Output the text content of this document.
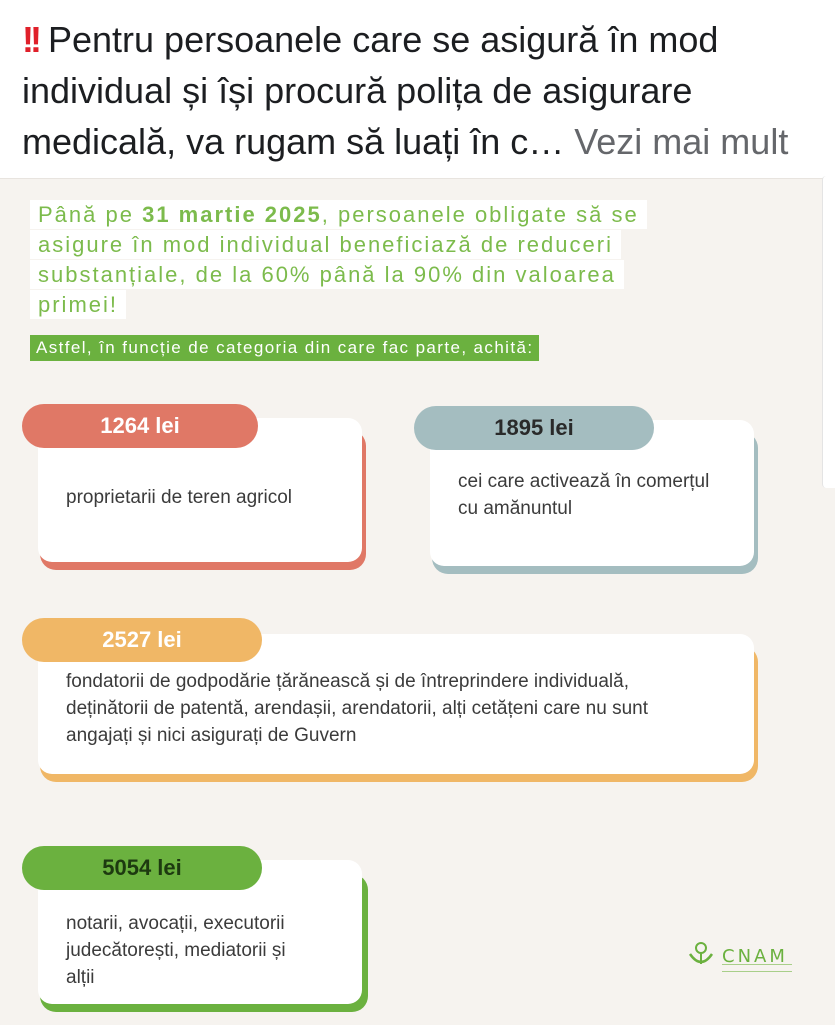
!! Pentru persoanele care se asigură în mod individual și își procură polița de asigurare medicală, va rugam să luați în c… Vezi mai mult
Până pe 31 martie 2025, persoanele obligate să se
asigure în mod individual beneficiază de reduceri
substanțiale, de la 60% până la 90% din valoarea
primei!
Astfel, în funcție de categoria din care fac parte, achită:
proprietarii de teren agricol
1264 lei
cei care activează în comerțul
cu amănuntul
1895 lei
fondatorii de godpodărie țărănească și de întreprindere individuală,
deținătorii de patentă, arendașii, arendatorii, alți cetățeni care nu sunt
angajați și nici asigurați de Guvern
2527 lei
notarii, avocații, executorii
judecătorești, mediatorii și
alții
5054 lei
CNAM
